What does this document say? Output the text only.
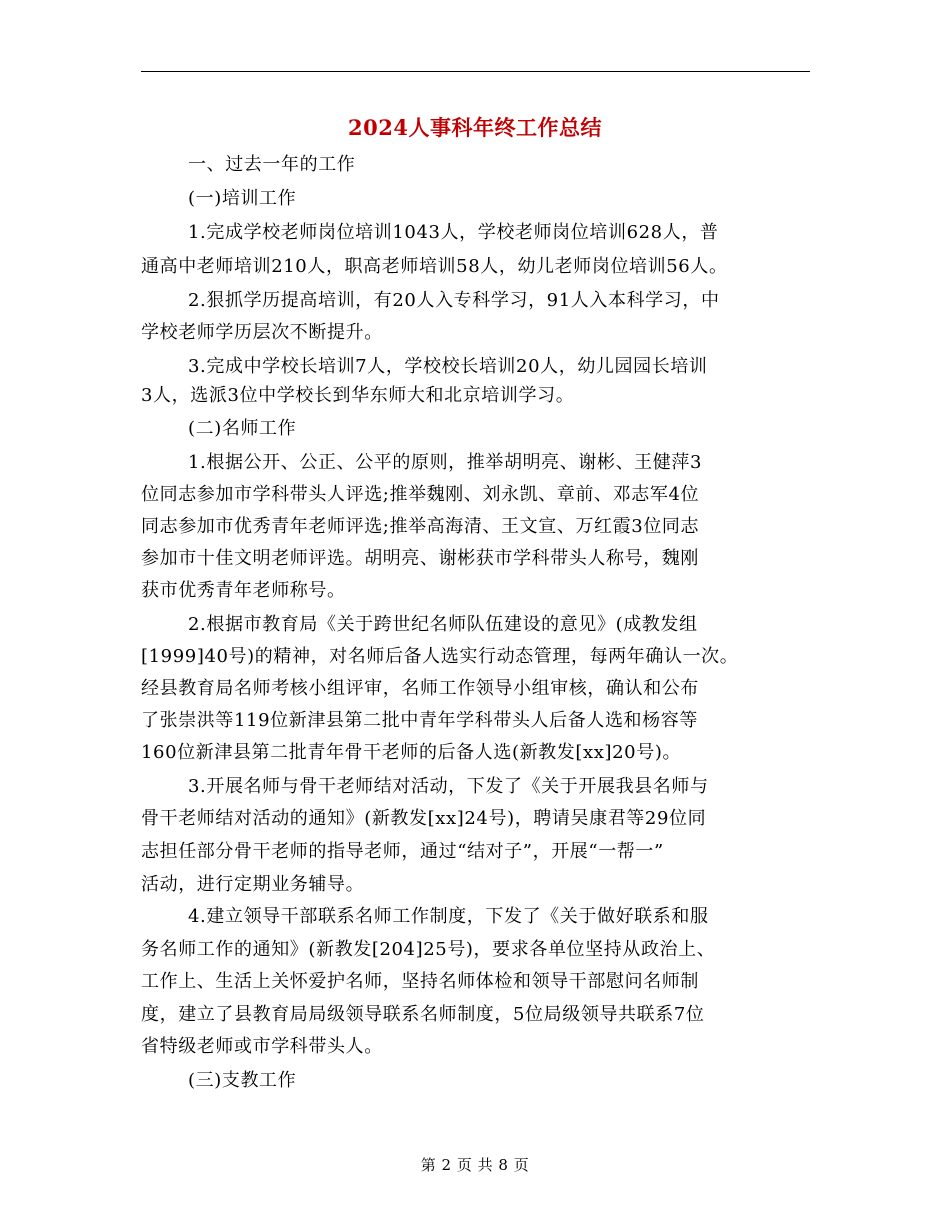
2024人事科年终工作总结
一、过去一年的工作
(一)培训工作
1.完成学校老师岗位培训1043人，学校老师岗位培训628人，普
通高中老师培训210人，职高老师培训58人，幼儿老师岗位培训56人。
2.狠抓学历提高培训，有20人入专科学习，91人入本科学习，中
学校老师学历层次不断提升。
3.完成中学校长培训7人，学校校长培训20人，幼儿园园长培训
3人，选派3位中学校长到华东师大和北京培训学习。
(二)名师工作
1.根据公开、公正、公平的原则，推举胡明亮、谢彬、王健萍3
位同志参加市学科带头人评选;推举魏刚、刘永凯、章前、邓志军4位
同志参加市优秀青年老师评选;推举高海清、王文宣、万红霞3位同志
参加市十佳文明老师评选。胡明亮、谢彬获市学科带头人称号，魏刚
获市优秀青年老师称号。
2.根据市教育局《关于跨世纪名师队伍建设的意见》(成教发组
[1999]40号)的精神，对名师后备人选实行动态管理，每两年确认一次。
经县教育局名师考核小组评审，名师工作领导小组审核，确认和公布
了张崇洪等119位新津县第二批中青年学科带头人后备人选和杨容等
160位新津县第二批青年骨干老师的后备人选(新教发[xx]20号)。
3.开展名师与骨干老师结对活动，下发了《关于开展我县名师与
骨干老师结对活动的通知》(新教发[xx]24号)，聘请吴康君等29位同
志担任部分骨干老师的指导老师，通过“结对子”，开展“一帮一”
活动，进行定期业务辅导。
4.建立领导干部联系名师工作制度，下发了《关于做好联系和服
务名师工作的通知》(新教发[204]25号)，要求各单位坚持从政治上、
工作上、生活上关怀爱护名师，坚持名师体检和领导干部慰问名师制
度，建立了县教育局局级领导联系名师制度，5位局级领导共联系7位
省特级老师或市学科带头人。
(三)支教工作
第 2 页 共 8 页
